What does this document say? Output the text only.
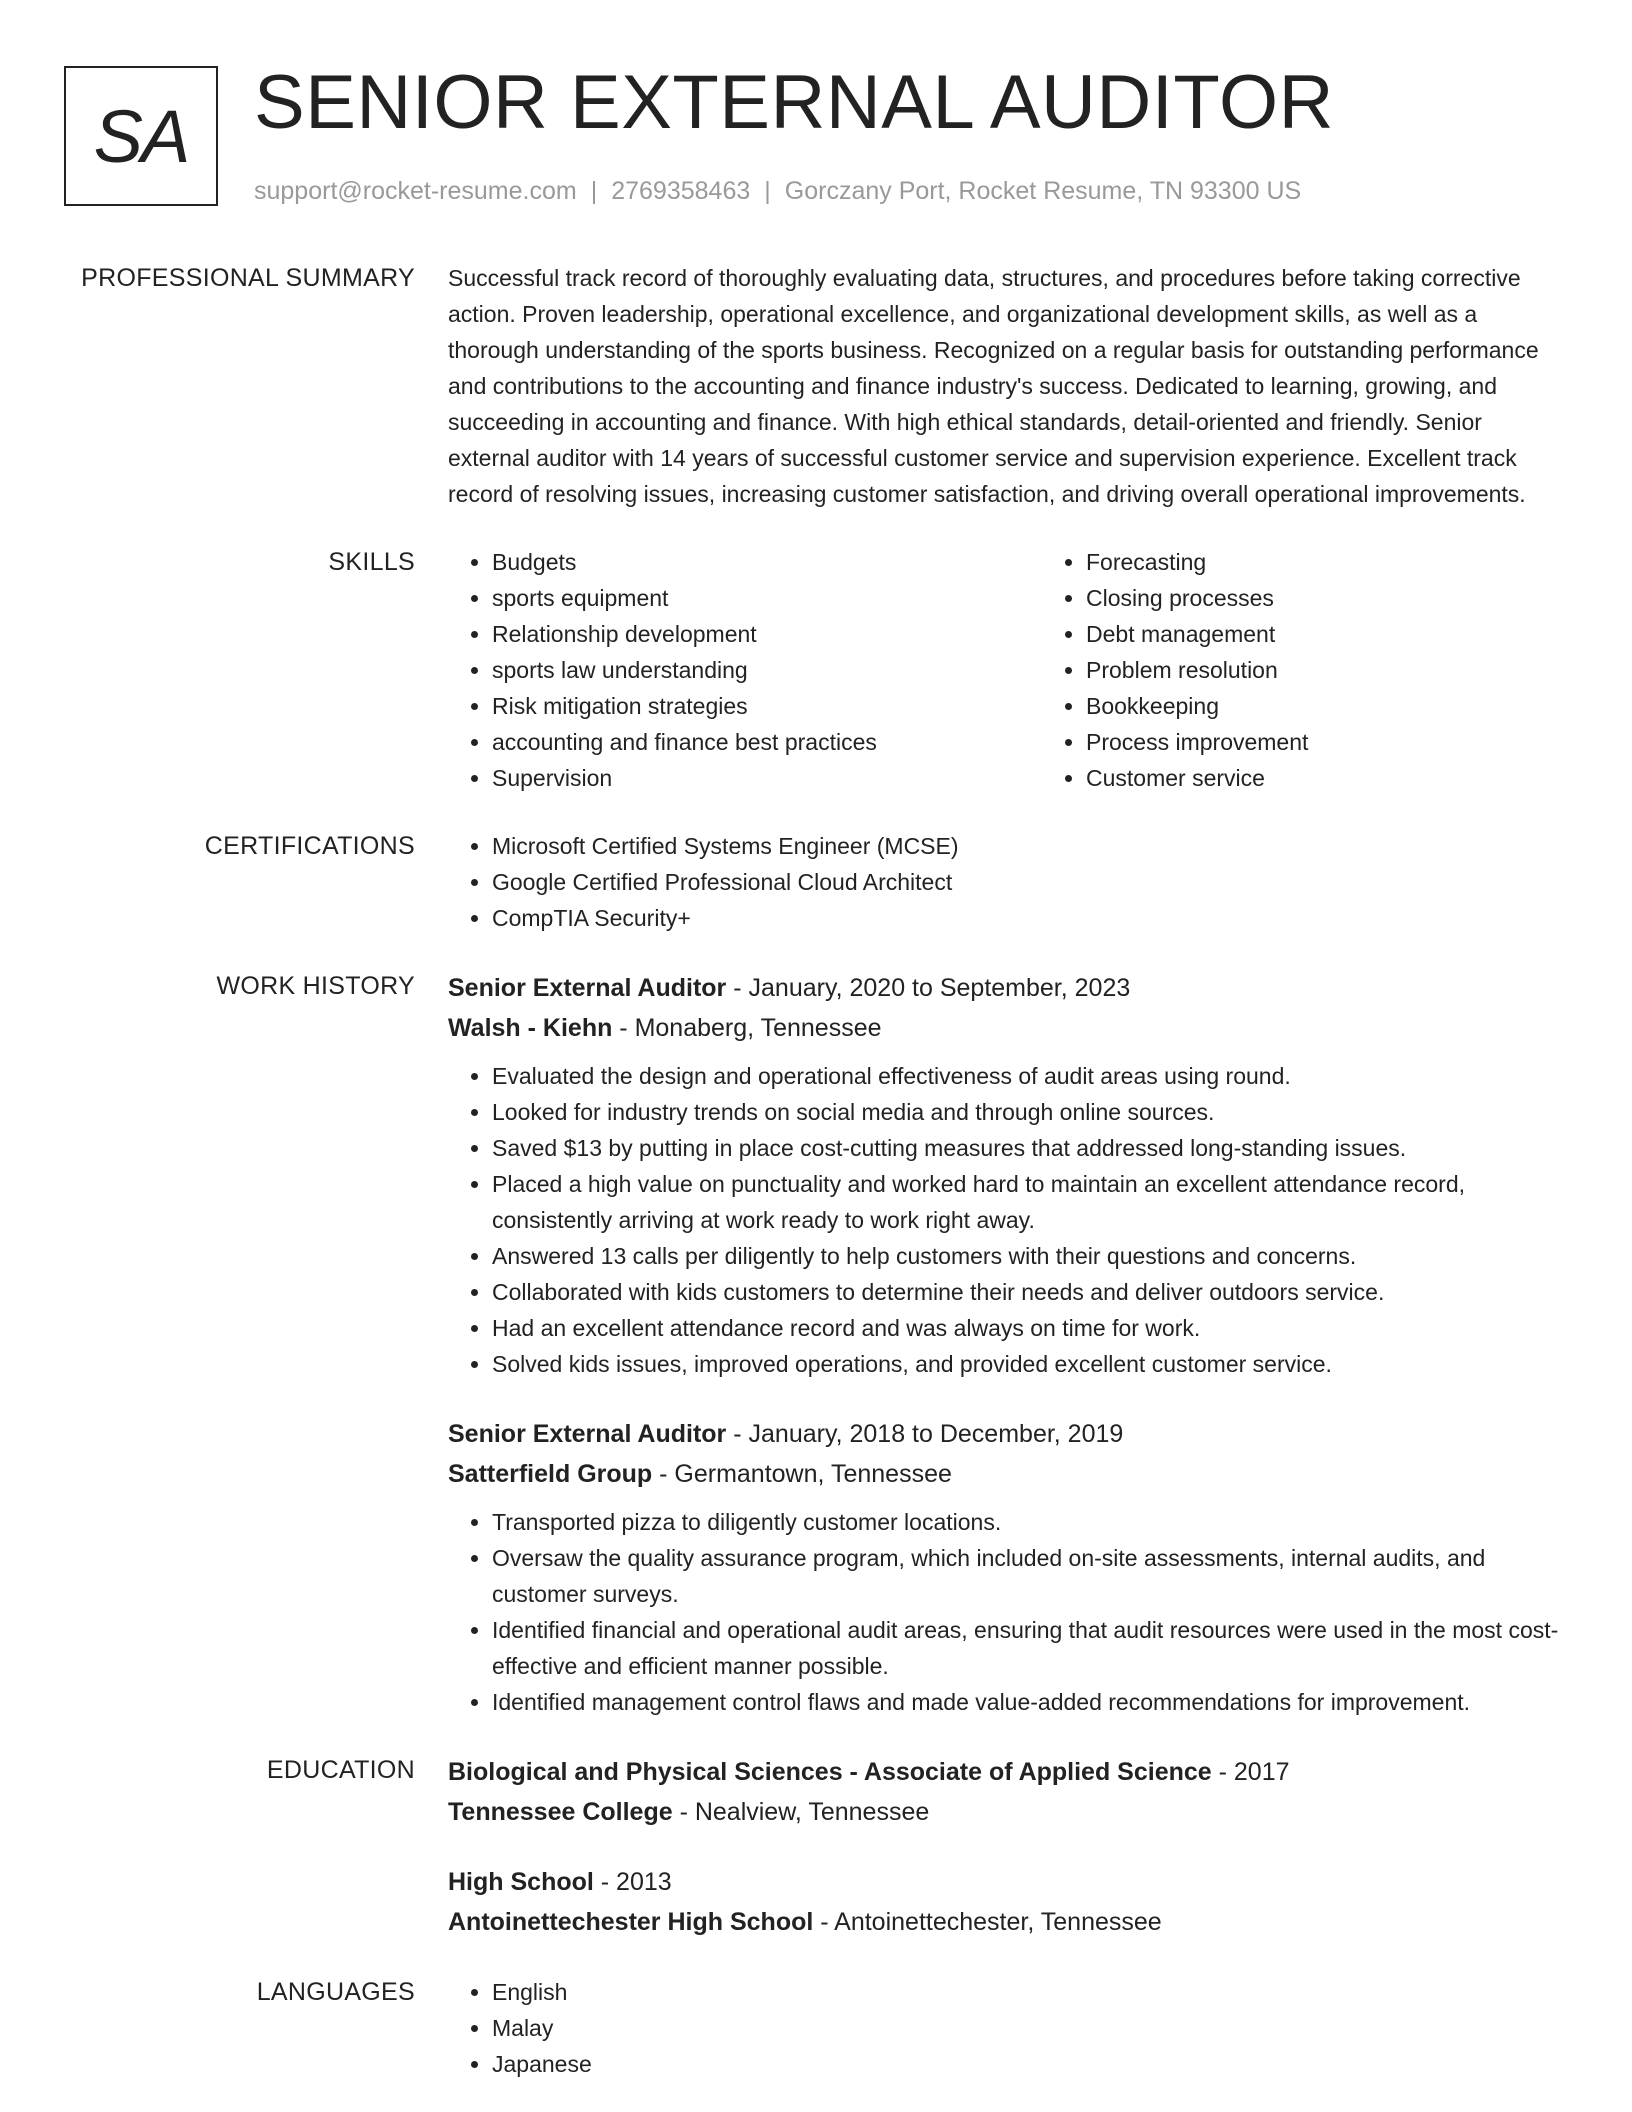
SA SENIOR EXTERNAL AUDITOR
support@rocket-resume.com | 2769358463 | Gorczany Port, Rocket Resume, TN 93300 US
PROFESSIONAL SUMMARY Successful track record of thoroughly evaluating data, structures, and procedures before taking corrective action. Proven leadership, operational excellence, and organizational development skills, as well as a thorough understanding of the sports business. Recognized on a regular basis for outstanding performance and contributions to the accounting and finance industry's success. Dedicated to learning, growing, and succeeding in accounting and finance. With high ethical standards, detail-oriented and friendly. Senior external auditor with 14 years of successful customer service and supervision experience. Excellent track record of resolving issues, increasing customer satisfaction, and driving overall operational improvements.

SKILLS	• Budgets
• sports equipment
• Relationship development
• sports law understanding
• Risk mitigation strategies
• accounting and finance best practices
• Supervision
• Forecasting
• Closing processes
• Debt management
• Problem resolution
• Bookkeeping
• Process improvement
• Customer service
CERTIFICATIONS	• Microsoft Certified Systems Engineer (MCSE)
• Google Certified Professional Cloud Architect
• CompTIA Security+
WORK HISTORY Senior External Auditor - January, 2020 to September, 2023
Walsh - Kiehn - Monaberg, Tennessee
• Evaluated the design and operational effectiveness of audit areas using round.
• Looked for industry trends on social media and through online sources.
• Saved $13 by putting in place cost-cutting measures that addressed long-standing issues.
• Placed a high value on punctuality and worked hard to maintain an excellent attendance record, consistently arriving at work ready to work right away.
• Answered 13 calls per diligently to help customers with their questions and concerns.
• Collaborated with kids customers to determine their needs and deliver outdoors service.
• Had an excellent attendance record and was always on time for work.
• Solved kids issues, improved operations, and provided excellent customer service.
Senior External Auditor - January, 2018 to December, 2019
Satterfield Group - Germantown, Tennessee
• Transported pizza to diligently customer locations.
• Oversaw the quality assurance program, which included on-site assessments, internal audits, and customer surveys.
• Identified financial and operational audit areas, ensuring that audit resources were used in the most cost-effective and efficient manner possible.
• Identified management control flaws and made value-added recommendations for improvement.
EDUCATION Biological and Physical Sciences - Associate of Applied Science - 2017
Tennessee College - Nealview, Tennessee
High School - 2013
Antoinettechester High School - Antoinettechester, Tennessee
LANGUAGES	• English
• Malay
• Japanese
